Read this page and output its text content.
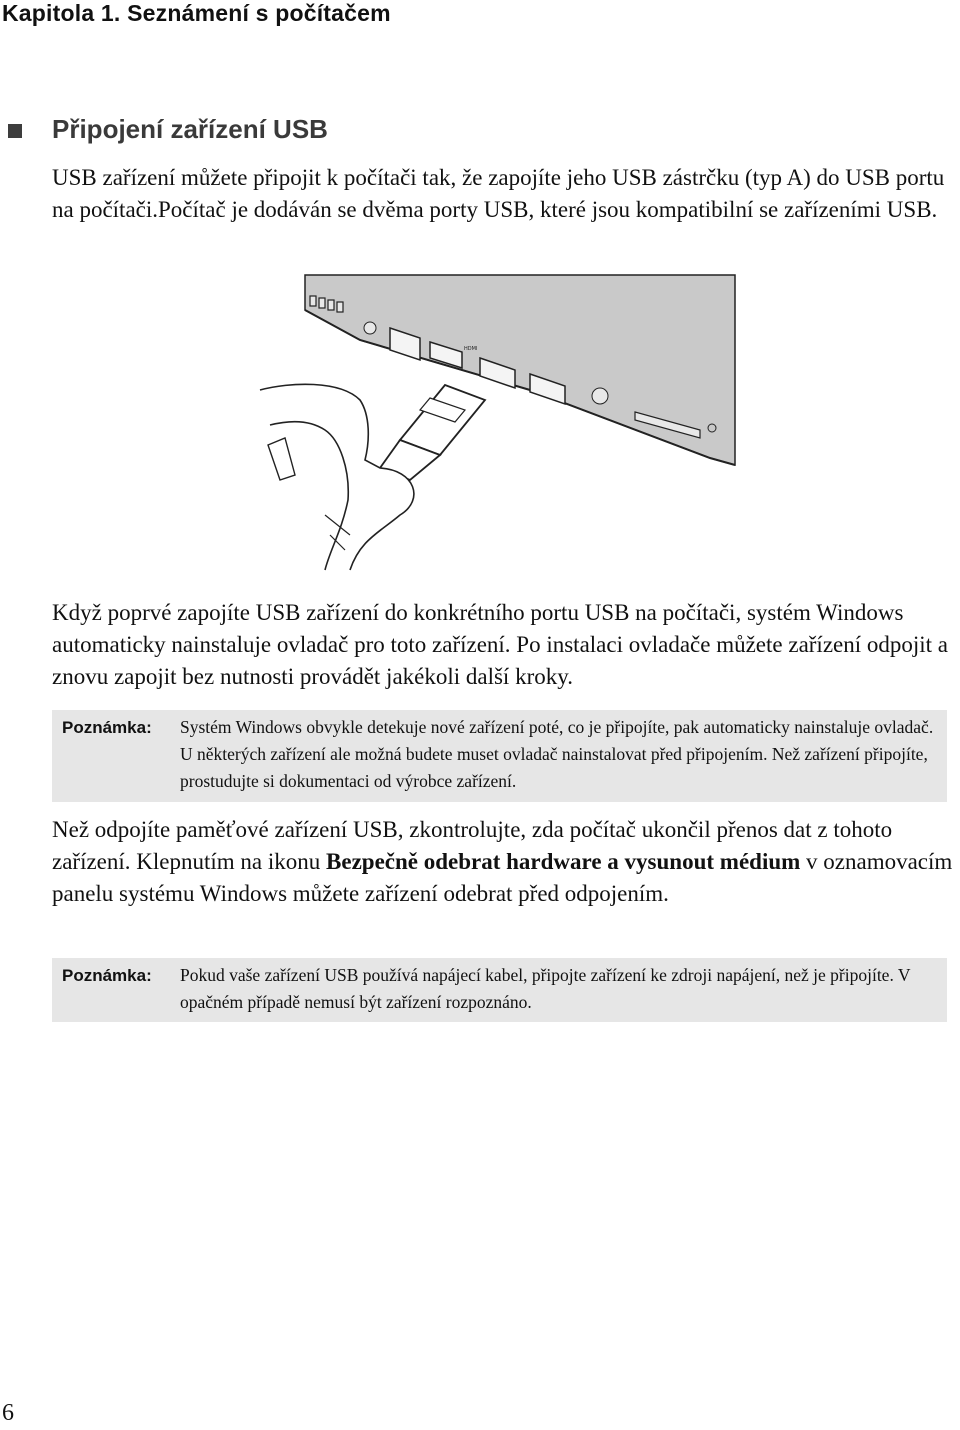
Kapitola 1. Seznámení s počítačem
Připojení zařízení USB

USB zařízení můžete připojit k počítači tak, že zapojíte jeho USB zástrčku (typ A) do USB portu na počítači.Počítač je dodáván se dvěma porty USB, které jsou kompatibilní se zařízeními USB.

HDMI

Když poprvé zapojíte USB zařízení do konkrétního portu USB na počítači, systém Windows automaticky nainstaluje ovladač pro toto zařízení. Po instalaci ovladače můžete zařízení odpojit a znovu zapojit bez nutnosti provádět jakékoli další kroky.

Poznámka:	Systém Windows obvykle detekuje nové zařízení poté, co je připojíte, pak automaticky nainstaluje ovladač. U některých zařízení ale možná budete muset ovladač nainstalovat před připojením. Než zařízení připojíte, prostudujte si dokumentaci od výrobce zařízení.

Než odpojíte paměťové zařízení USB, zkontrolujte, zda počítač ukončil přenos dat z tohoto zařízení. Klepnutím na ikonu Bezpečně odebrat hardware a vysunout médium v oznamovacím panelu systému Windows můžete zařízení odebrat před odpojením.

Poznámka:	Pokud vaše zařízení USB používá napájecí kabel, připojte zařízení ke zdroji napájení, než je připojíte. V opačném případě nemusí být zařízení rozpoznáno.

6
